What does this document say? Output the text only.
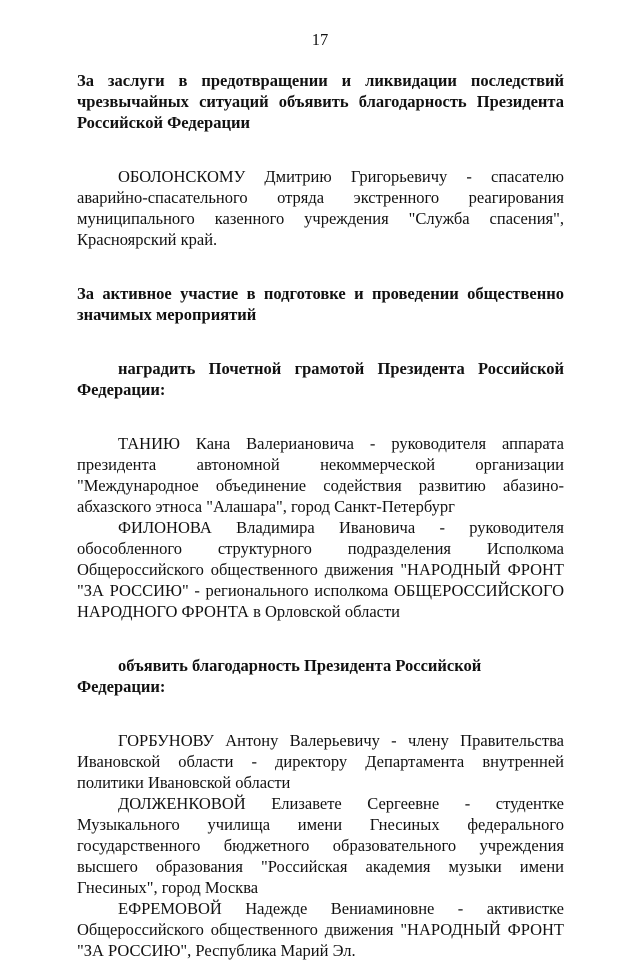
17

За заслуги в предотвращении и ликвидации последствий чрезвычайных ситуаций объявить благодарность Президента Российской Федерации

ОБОЛОНСКОМУ Дмитрию Григорьевичу - спасателю аварийно-спасательного отряда экстренного реагирования муниципального казенного учреждения "Служба спасения", Красноярский край.

За активное участие в подготовке и проведении общественно значимых мероприятий

наградить Почетной грамотой Президента Российской Федерации:

ТАНИЮ Кана Валериановича - руководителя аппарата президента автономной некоммерческой организации "Международное объединение содействия развитию абазино-абхазского этноса "Алашара", город Санкт-Петербург

ФИЛОНОВА Владимира Ивановича - руководителя обособленного структурного подразделения Исполкома Общероссийского общественного движения "НАРОДНЫЙ ФРОНТ "ЗА РОССИЮ" - регионального исполкома ОБЩЕРОССИЙСКОГО НАРОДНОГО ФРОНТА в Орловской области

объявить благодарность Президента Российской Федерации:

ГОРБУНОВУ Антону Валерьевичу - члену Правительства Ивановской области - директору Департамента внутренней политики Ивановской области

ДОЛЖЕНКОВОЙ Елизавете Сергеевне - студентке Музыкального училища имени Гнесиных федерального государственного бюджетного образовательного учреждения высшего образования "Российская академия музыки имени Гнесиных", город Москва

ЕФРЕМОВОЙ Надежде Вениаминовне - активистке Общероссийского общественного движения "НАРОДНЫЙ ФРОНТ "ЗА РОССИЮ", Республика Марий Эл.
